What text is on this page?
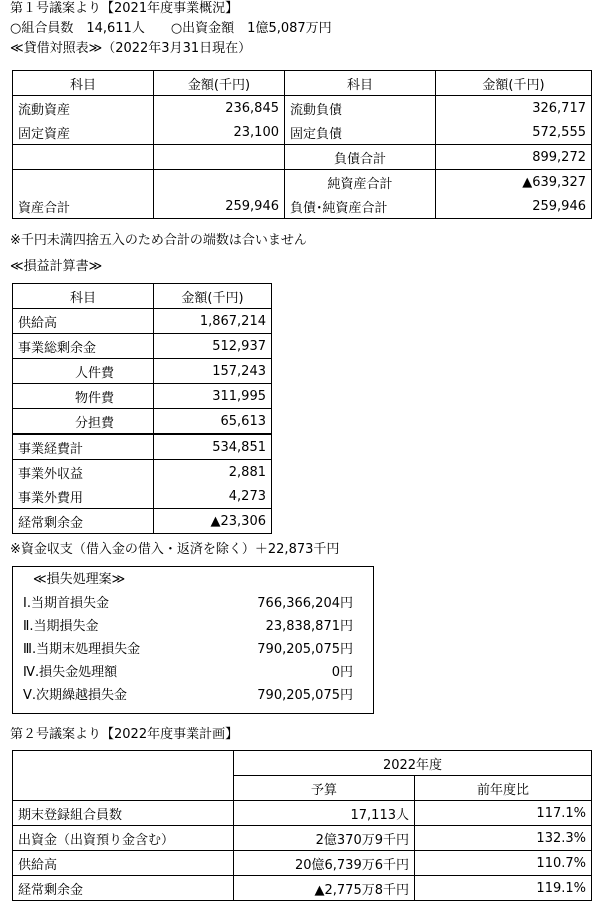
第１号議案より【2021年度事業概況】
○組合員数　14,611人　　○出資金額　1億5,087万円
≪貸借対照表≫（2022年3月31日現在）
科目	金額(千円)	科目	金額(千円)
流動資産	236,845	流動負債	326,717
固定資産	23,100	固定負債	572,555
		負債合計	899,272
		純資産合計	▲639,327
資産合計	259,946	負債･純資産合計	259,946
※千円未満四捨五入のため合計の端数は合いません
≪損益計算書≫
科目	金額(千円)
供給高	1,867,214
事業総剰余金	512,937
人件費	157,243
物件費	311,995
分担費	65,613
事業経費計	534,851
事業外収益	2,881
事業外費用	4,273
経常剰余金	▲23,306
※資金収支（借入金の借入・返済を除く）＋22,873千円
≪損失処理案≫
Ⅰ.当期首損失金	766,366,204円
Ⅱ.当期損失金	23,838,871円
Ⅲ.当期末処理損失金	790,205,075円
Ⅳ.損失金処理額	0円
Ⅴ.次期繰越損失金	790,205,075円
第２号議案より【2022年度事業計画】
	2022年度	
	予算	前年度比
期末登録組合員数	17,113人	117.1%
出資金（出資預り金含む）	2億370万9千円	132.3%
供給高	20億6,739万6千円	110.7%
経常剰余金	▲2,775万8千円	119.1%
